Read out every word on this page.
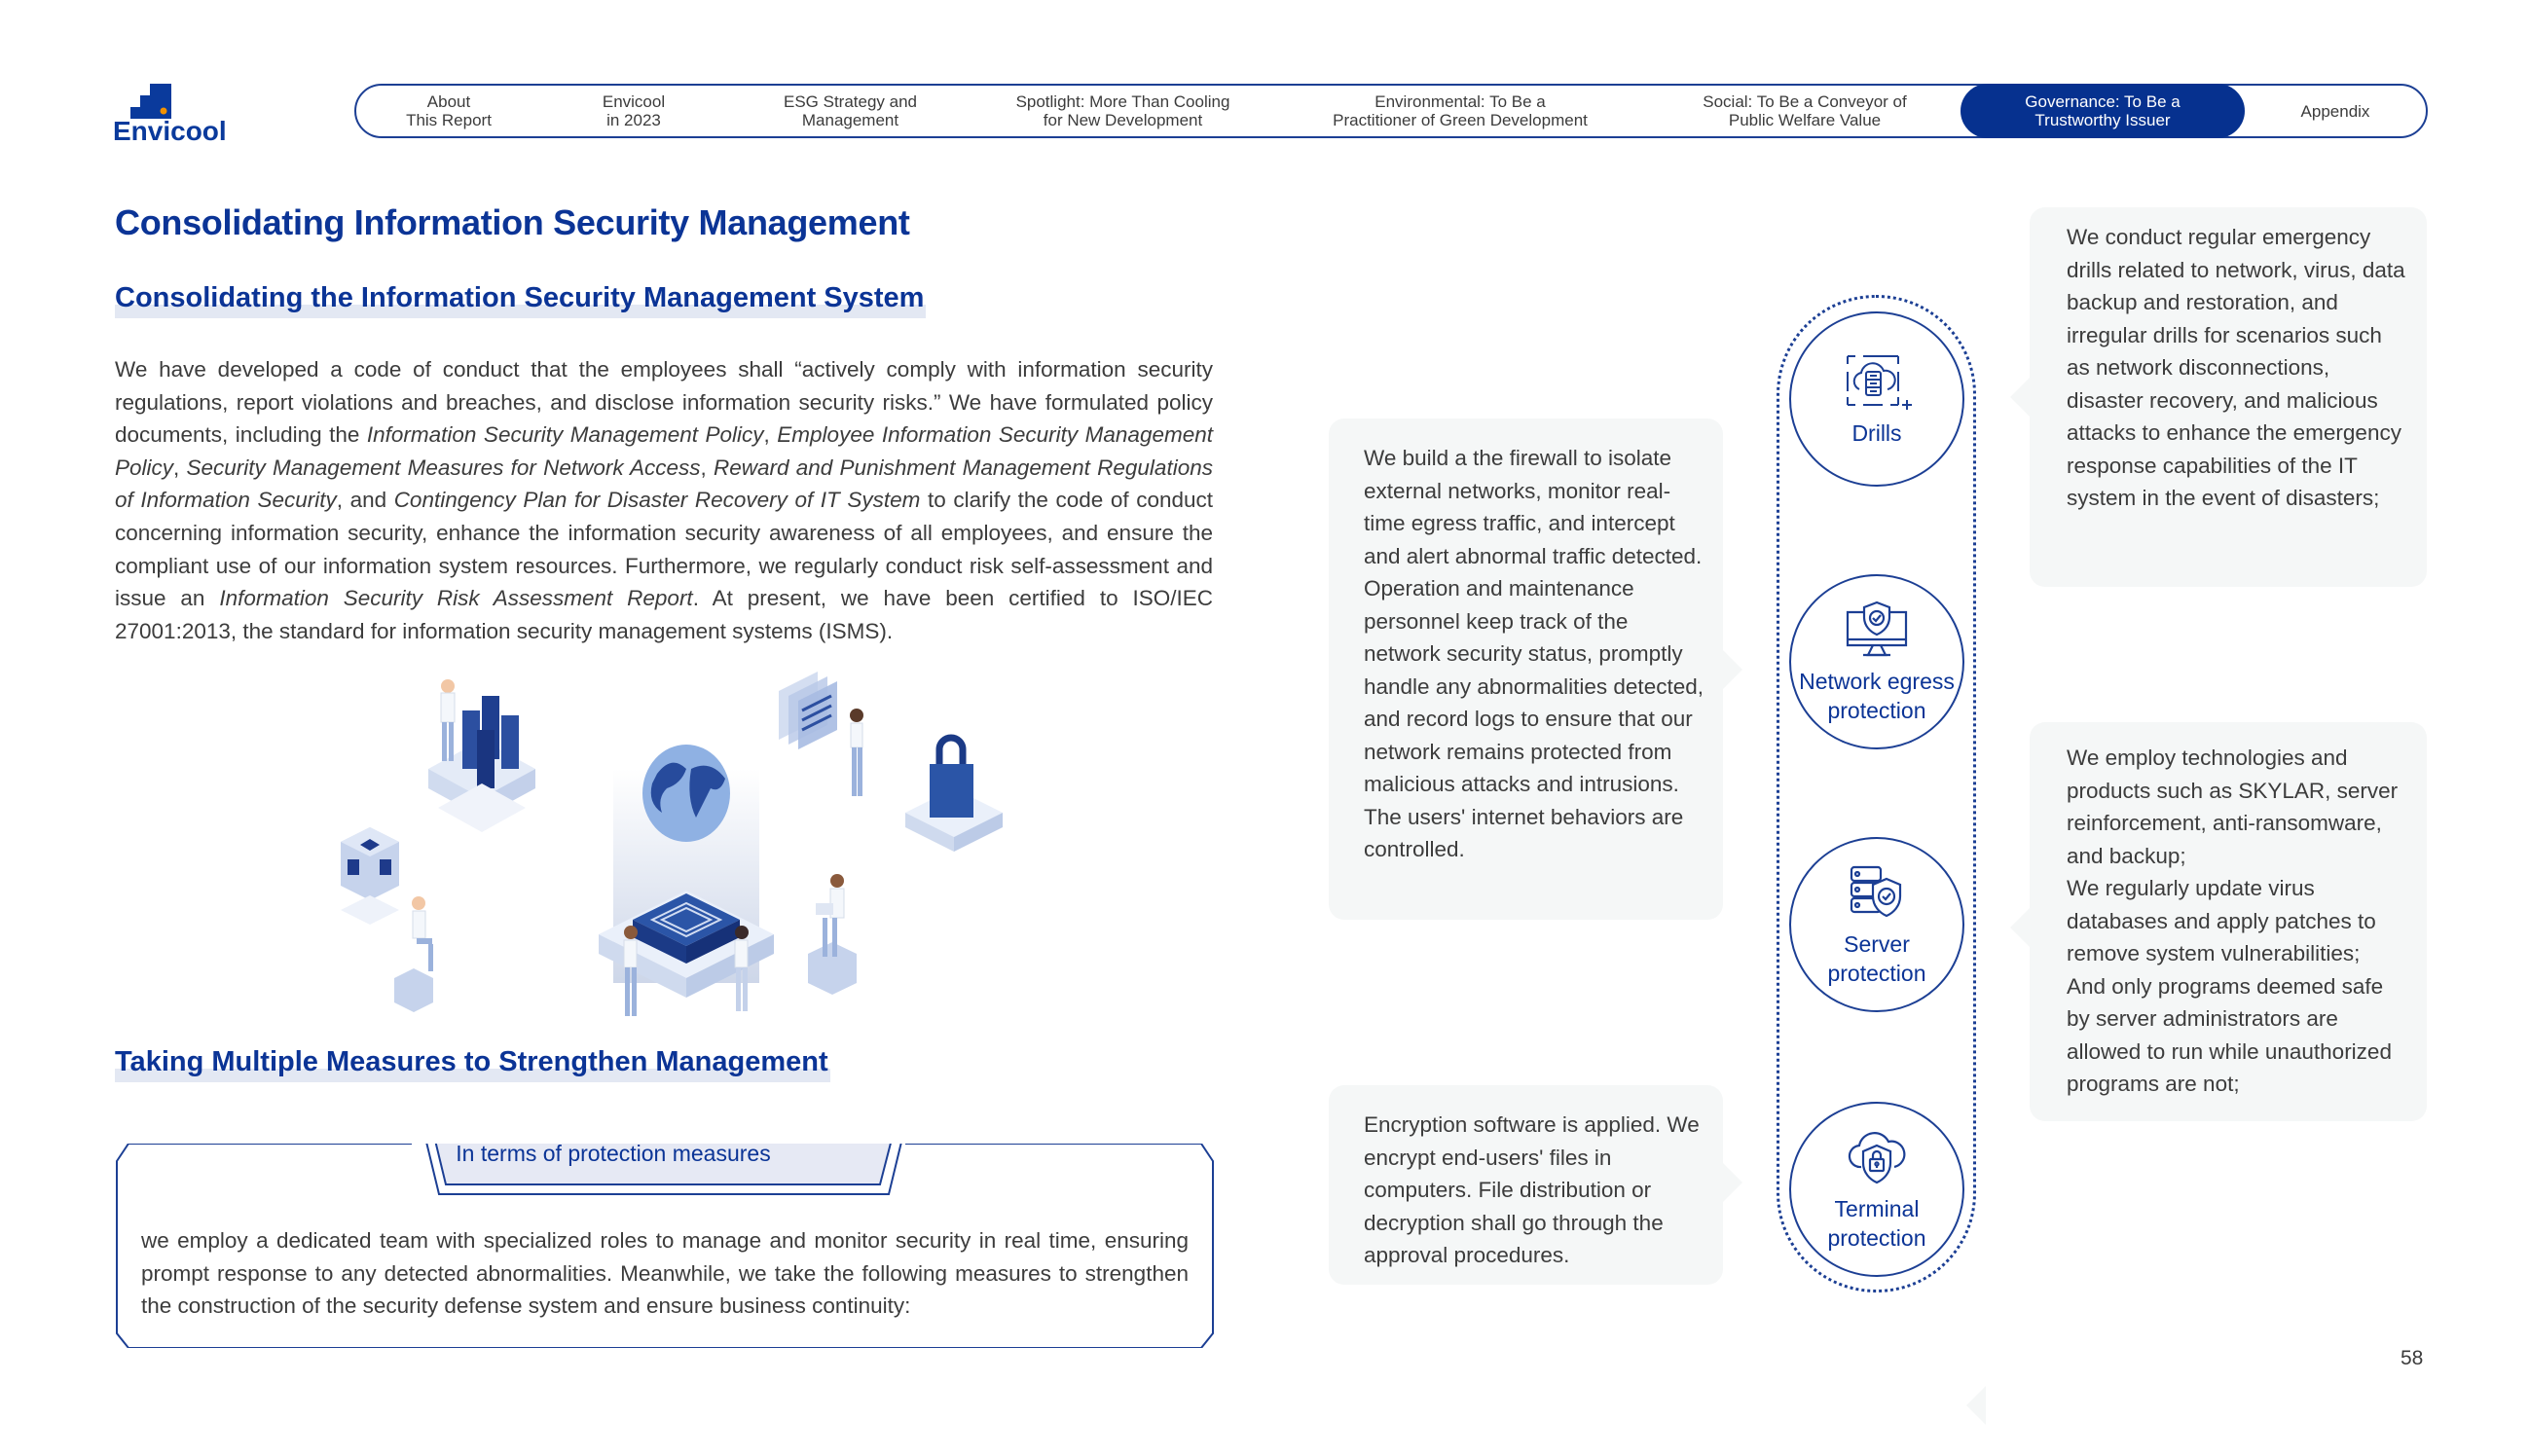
Envicool
About
This Report
Envicool
in 2023
ESG Strategy and
Management
Spotlight: More Than Cooling
for New Development
Environmental: To Be a
Practitioner of Green Development
Social: To Be a Conveyor of
Public Welfare Value
Governance: To Be a
Trustworthy Issuer	Appendix
Consolidating Information Security Management
Consolidating the Information Security Management System

We have developed a code of conduct that the employees shall “actively comply with information security regulations, report violations and breaches, and disclose information security risks.” We have formulated policy documents, including the Information Security Management Policy, Employee Information Security Management Policy, Security Management Measures for Network Access, Reward and Punishment Management Regulations of Information Security, and Contingency Plan for Disaster Recovery of IT System to clarify the code of conduct concerning information security, enhance the information security awareness of all employees, and ensure the compliant use of our information system resources. Furthermore, we regularly conduct risk self-assessment and issue an Information Security Risk Assessment Report. At present, we have been certified to ISO/IEC 27001:2013, the standard for information security management systems (ISMS).

Taking Multiple Measures to Strengthen Management
In terms of protection measures
we employ a dedicated team with specialized roles to manage and monitor security in real time, ensuring prompt response to any detected abnormalities. Meanwhile, we take the following measures to strengthen the construction of the security defense system and ensure business continuity:
We conduct regular emergency drills related to network, virus, data backup and restoration, and irregular drills for scenarios such as network disconnections, disaster recovery, and malicious attacks to enhance the emergency response capabilities of the IT system in the event of disasters;
We build a the firewall to isolate external networks, monitor real-time egress traffic, and intercept and alert abnormal traffic detected. Operation and maintenance personnel keep track of the network security status, promptly handle any abnormalities detected, and record logs to ensure that our network remains protected from malicious attacks and intrusions. The users' internet behaviors are controlled.
We employ technologies and products such as SKYLAR, server reinforcement, anti-ransomware, and backup;
We regularly update virus databases and apply patches to remove system vulnerabilities;
And only programs deemed safe by server administrators are allowed to run while unauthorized programs are not;
Encryption software is applied. We encrypt end-users' files in computers. File distribution or decryption shall go through the approval procedures.
Drills
Network egress
protection
Server
protection
Terminal
protection
58
